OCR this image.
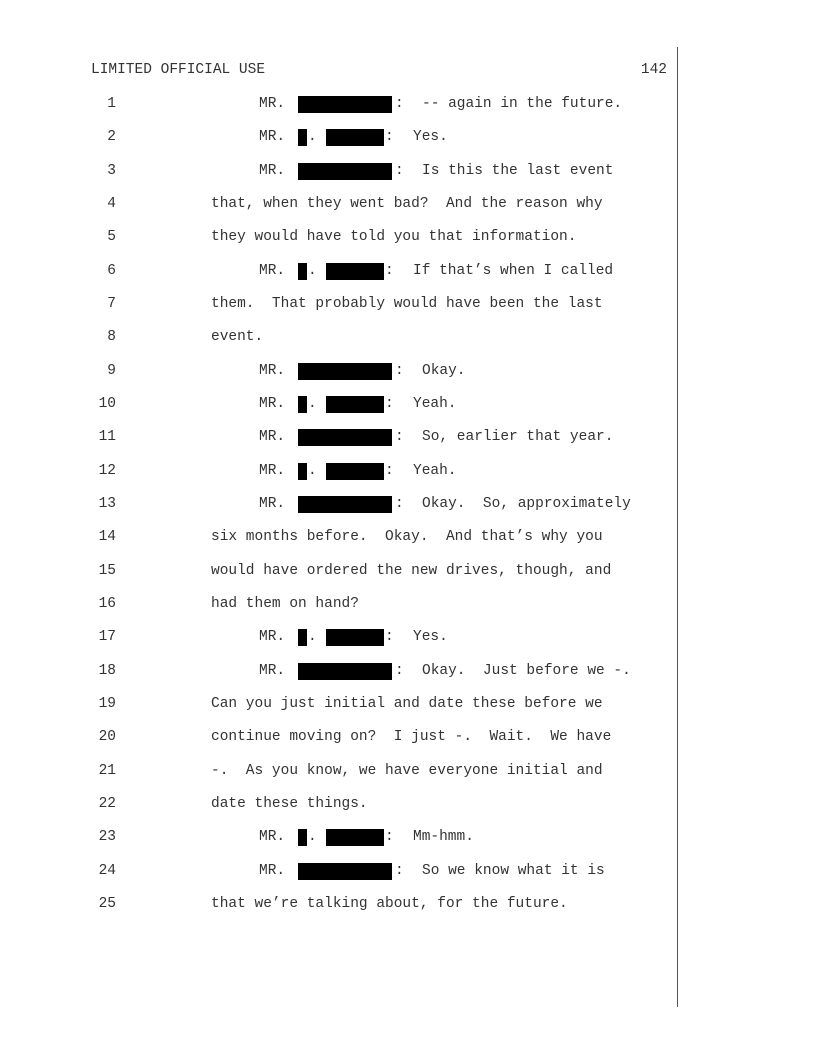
LIMITED OFFICIAL USE	142
1	MR.	: -- again in the future.
2	MR. .	: Yes.
3	MR.	: Is this the last event
4	that, when they went bad?  And the reason why
5	they would have told you that information.
6	MR. .	: If that’s when I called
7	them.  That probably would have been the last
8	event.
9	MR.	: Okay.
10	MR. .	: Yeah.
11	MR.	: So, earlier that year.
12	MR. .	: Yeah.
13	MR.	: Okay.  So, approximately
14	six months before.  Okay.  And that’s why you
15	would have ordered the new drives, though, and
16	had them on hand?
17	MR. .	: Yes.
18	MR.	: Okay.  Just before we -.
19	Can you just initial and date these before we
20	continue moving on?  I just -.  Wait.  We have
21	-.  As you know, we have everyone initial and
22	date these things.
23	MR. .	: Mm-hmm.
24	MR.	: So we know what it is
25	that we’re talking about, for the future.
